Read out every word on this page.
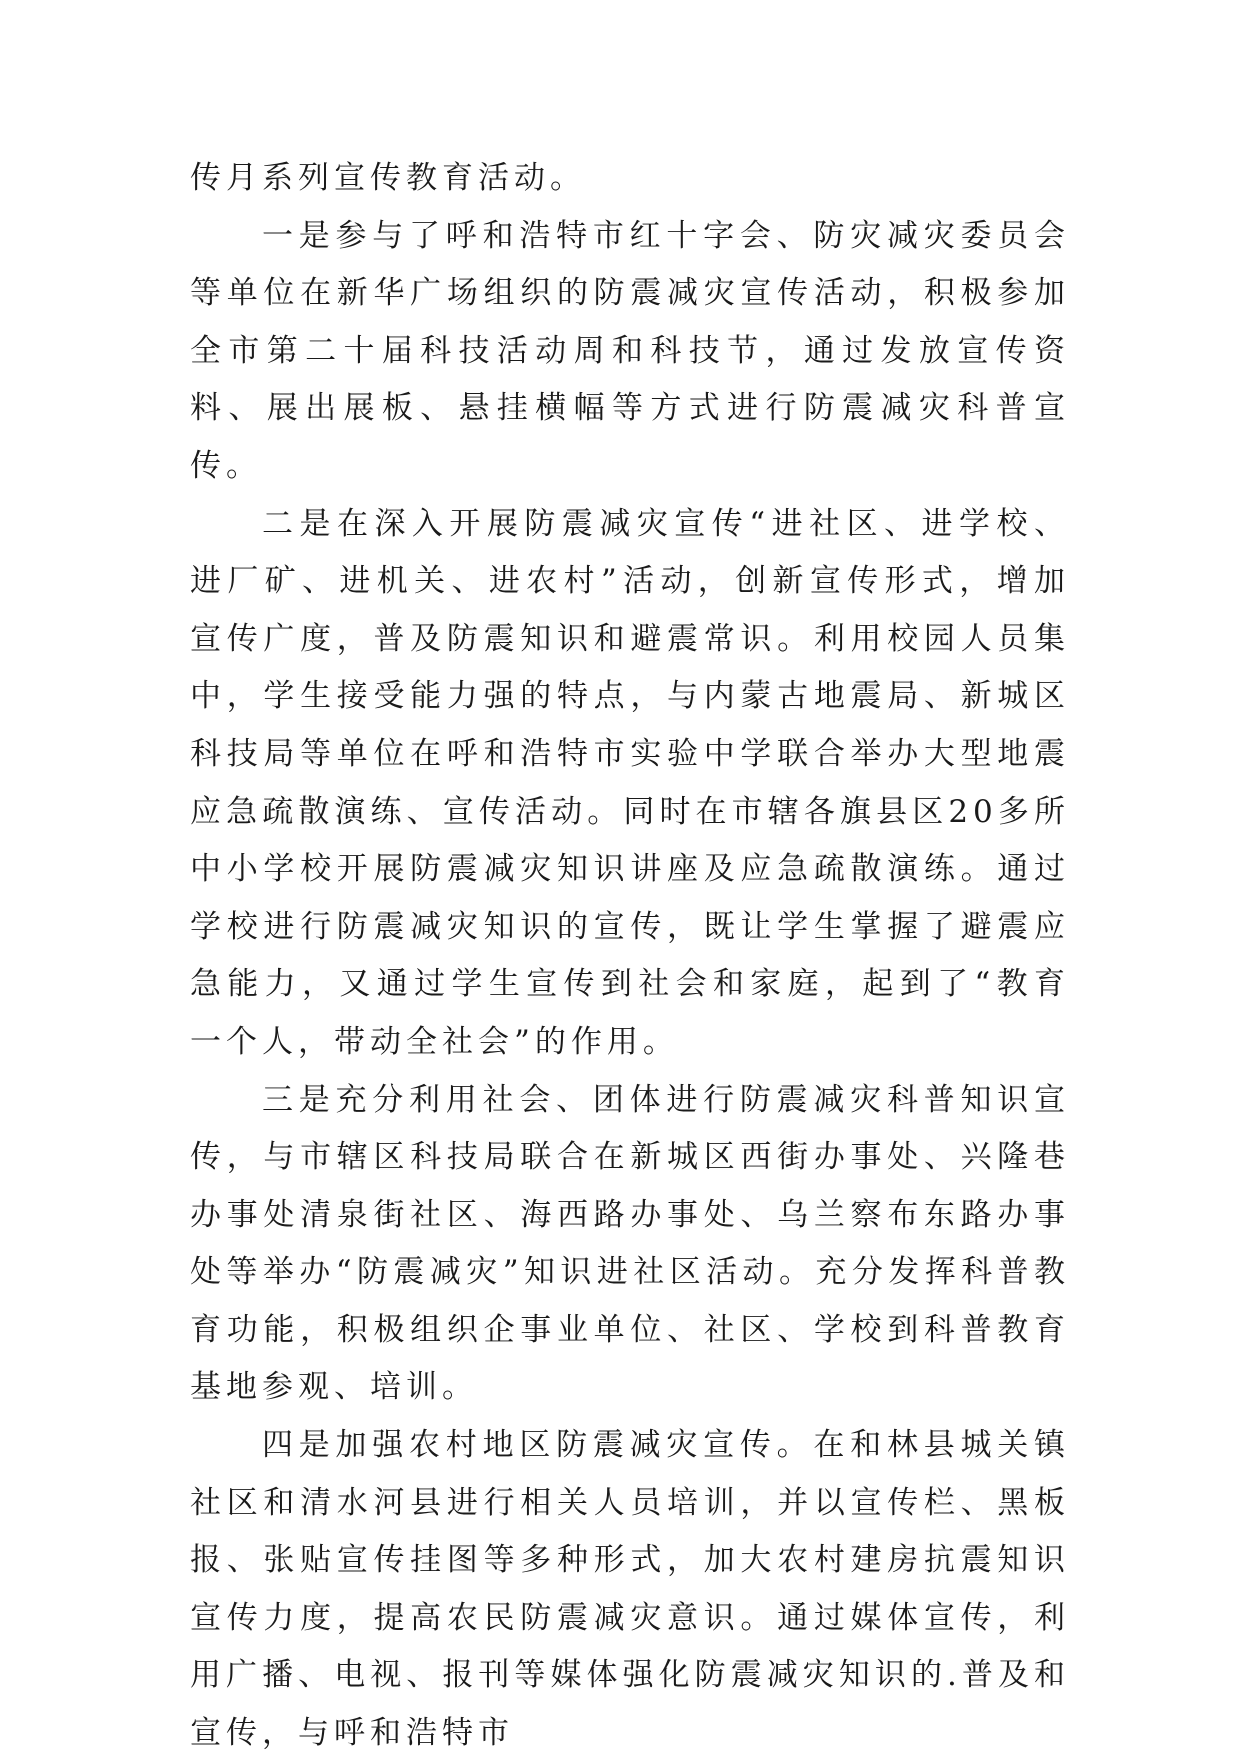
传月系列宣传教育活动。

一是参与了呼和浩特市红十字会、防灾减灾委员会等单位在新华广场组织的防震减灾宣传活动，积极参加全市第二十届科技活动周和科技节，通过发放宣传资料、展出展板、悬挂横幅等方式进行防震减灾科普宣传。

二是在深入开展防震减灾宣传“进社区、进学校、进厂矿、进机关、进农村”活动，创新宣传形式，增加宣传广度，普及防震知识和避震常识。利用校园人员集中，学生接受能力强的特点，与内蒙古地震局、新城区科技局等单位在呼和浩特市实验中学联合举办大型地震应急疏散演练、宣传活动。同时在市辖各旗县区20多所中小学校开展防震减灾知识讲座及应急疏散演练。通过学校进行防震减灾知识的宣传，既让学生掌握了避震应急能力，又通过学生宣传到社会和家庭，起到了“教育一个人，带动全社会”的作用。

三是充分利用社会、团体进行防震减灾科普知识宣传，与市辖区科技局联合在新城区西街办事处、兴隆巷办事处清泉街社区、海西路办事处、乌兰察布东路办事处等举办“防震减灾”知识进社区活动。充分发挥科普教育功能，积极组织企事业单位、社区、学校到科普教育基地参观、培训。

四是加强农村地区防震减灾宣传。在和林县城关镇社区和清水河县进行相关人员培训，并以宣传栏、黑板报、张贴宣传挂图等多种形式，加大农村建房抗震知识宣传力度，提高农民防震减灾意识。通过媒体宣传，利用广播、电视、报刊等媒体强化防震减灾知识的.普及和宣传，与呼和浩特市
